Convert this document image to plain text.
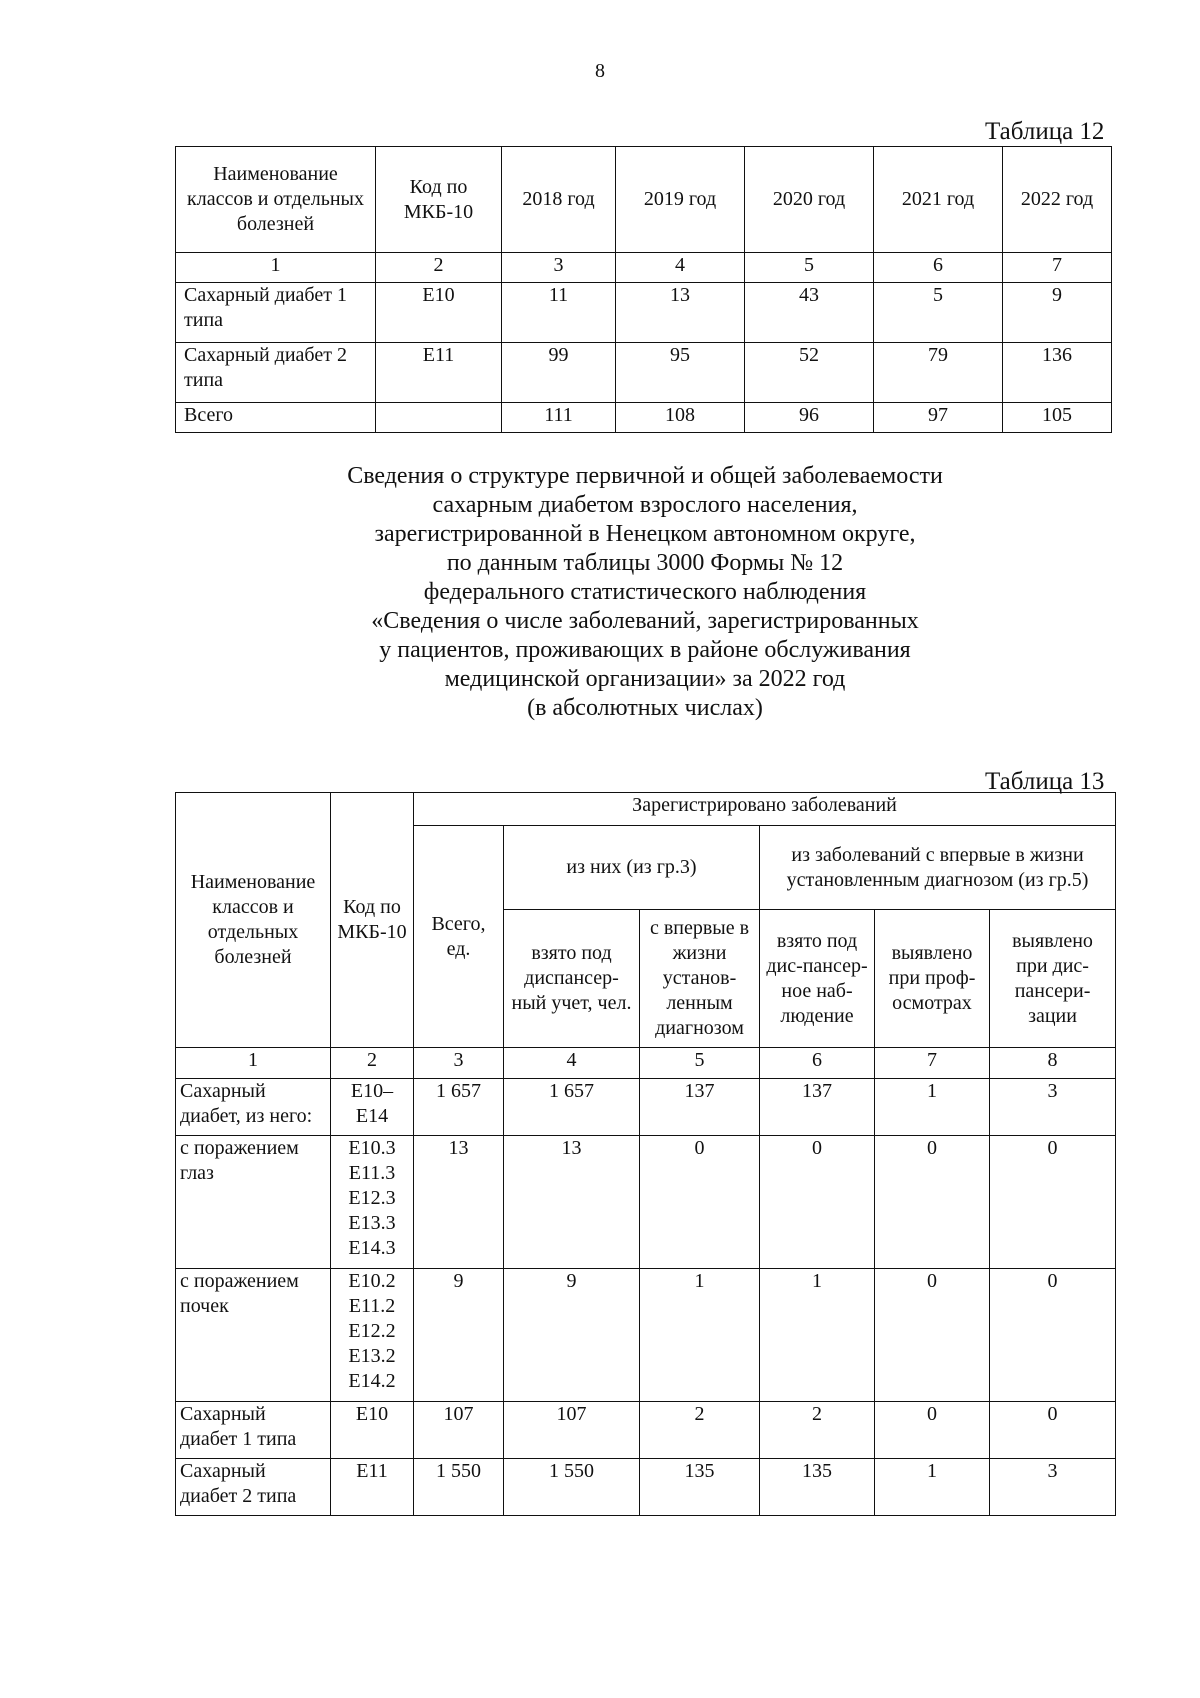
8
Таблица 12
Наименование классов и отдельных болезней	Код по МКБ-10	2018 год	2019 год	2020 год	2021 год	2022 год
1	2	3	4	5	6	7
Сахарный диабет 1 типа	E10	11	13	43	5	9
Сахарный диабет 2 типа	E11	99	95	52	79	136
Всего		111	108	96	97	105
Сведения о структуре первичной и общей заболеваемости
сахарным диабетом взрослого населения,
зарегистрированной в Ненецком автономном округе,
по данным таблицы 3000 Формы № 12
федерального статистического наблюдения
«Сведения о числе заболеваний, зарегистрированных
у пациентов, проживающих в районе обслуживания
медицинской организации» за 2022 год
(в абсолютных числах)
Таблица 13
Наименование классов и отдельных болезней	Код по МКБ-10	Зарегистрировано заболеваний					
		Всего, ед.	из них (из гр.3)		из заболеваний с впервые в жизни установленным диагнозом (из гр.5)		
			взято под диспансер-ный учет, чел.	с впервые в жизни установ-ленным диагнозом	взято под дис-пансер-ное наб-людение	выявлено при проф-осмотрах	выявлено при дис-пансери-зации
1	2	3	4	5	6	7	8
Сахарный диабет, из него:	E10–E14	1 657	1 657	137	137	1	3
с поражением глаз	E10.3
E11.3
E12.3
E13.3
E14.3	13	13	0	0	0	0
с поражением почек	E10.2
E11.2
E12.2
E13.2
E14.2	9	9	1	1	0	0
Сахарный диабет 1 типа	E10	107	107	2	2	0	0
Сахарный диабет 2 типа	E11	1 550	1 550	135	135	1	3
